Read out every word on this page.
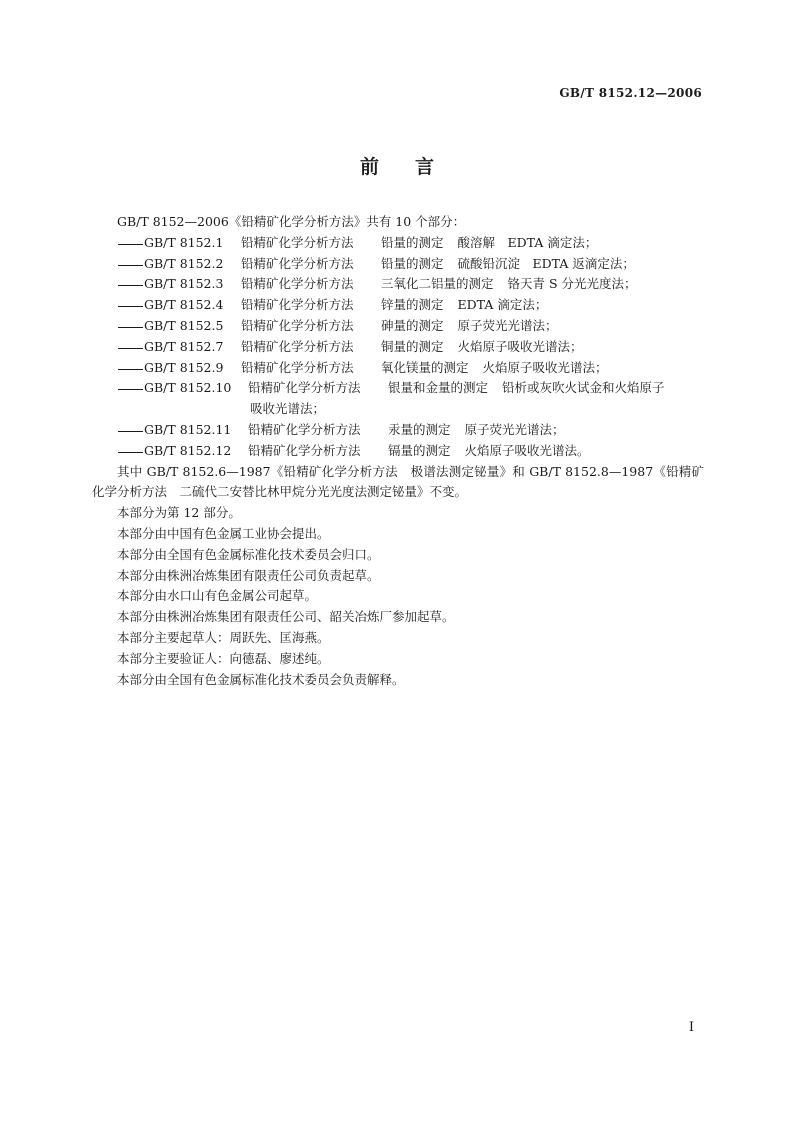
GB/T 8152.12—2006
前言
GB/T 8152—2006《铅精矿化学分析方法》共有 10 个部分：
GB/T 8152.1	铅精矿化学分析方法	铅量的测定 酸溶解　EDTA 滴定法；
GB/T 8152.2	铅精矿化学分析方法	铅量的测定 硫酸铅沉淀　EDTA 返滴定法；
GB/T 8152.3	铅精矿化学分析方法	三氧化二铝量的测定 铬天青 S 分光光度法；
GB/T 8152.4	铅精矿化学分析方法	锌量的测定 EDTA 滴定法；
GB/T 8152.5	铅精矿化学分析方法	砷量的测定 原子荧光光谱法；
GB/T 8152.7	铅精矿化学分析方法	铜量的测定 火焰原子吸收光谱法；
GB/T 8152.9	铅精矿化学分析方法	氧化镁量的测定 火焰原子吸收光谱法；
GB/T 8152.10	铅精矿化学分析方法	银量和金量的测定 铅析或灰吹火试金和火焰原子
吸收光谱法；
GB/T 8152.11	铅精矿化学分析方法	汞量的测定 原子荧光光谱法；
GB/T 8152.12	铅精矿化学分析方法	镉量的测定 火焰原子吸收光谱法。
其中 GB/T 8152.6—1987《铅精矿化学分析方法　极谱法测定铋量》和 GB/T 8152.8—1987《铅精矿化学分析方法　二硫代二安替比林甲烷分光光度法测定铋量》不变。
本部分为第 12 部分。
本部分由中国有色金属工业协会提出。
本部分由全国有色金属标准化技术委员会归口。
本部分由株洲冶炼集团有限责任公司负责起草。
本部分由水口山有色金属公司起草。
本部分由株洲冶炼集团有限责任公司、韶关冶炼厂参加起草。
本部分主要起草人：周跃先、匡海燕。
本部分主要验证人：向德磊、廖述纯。
本部分由全国有色金属标准化技术委员会负责解释。
I
